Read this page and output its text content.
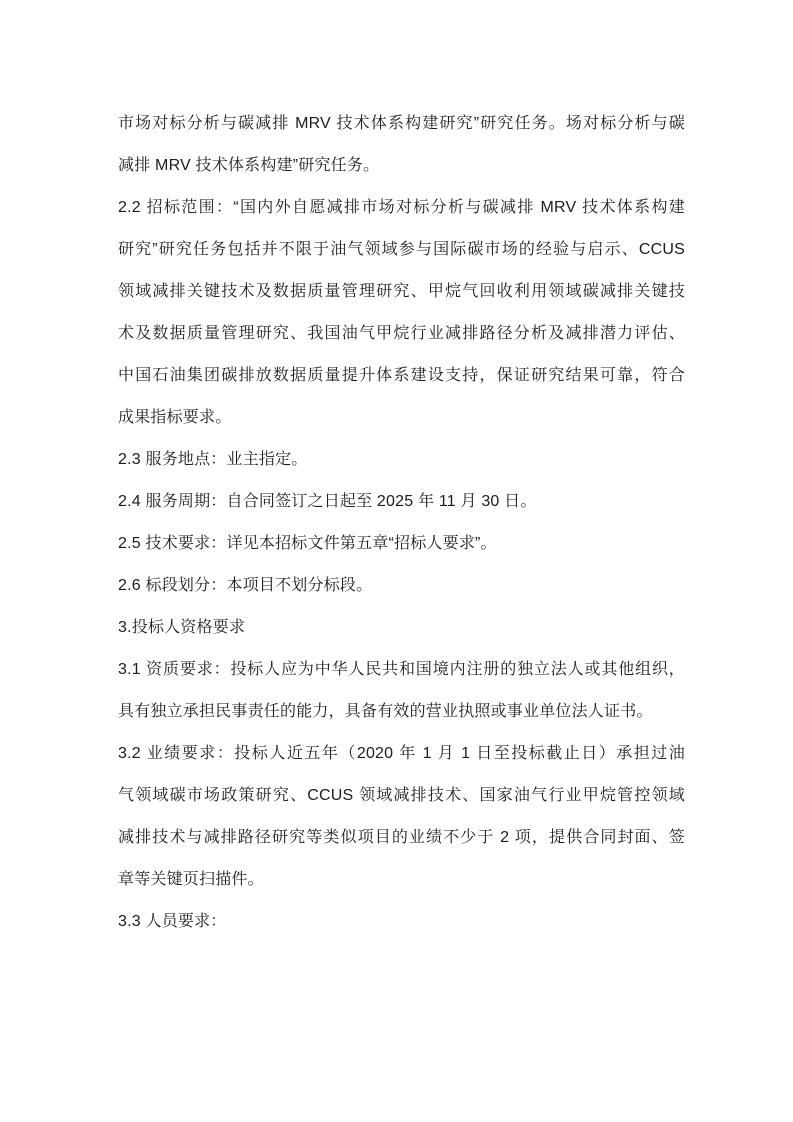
市场对标分析与碳减排 MRV 技术体系构建研究”研究任务。场对标分析与碳
减排 MRV 技术体系构建”研究任务。
2.2 招标范围：“国内外自愿减排市场对标分析与碳减排 MRV 技术体系构建
研究”研究任务包括并不限于油气领域参与国际碳市场的经验与启示、CCUS
领域减排关键技术及数据质量管理研究、甲烷气回收利用领域碳减排关键技
术及数据质量管理研究、我国油气甲烷行业减排路径分析及减排潜力评估、
中国石油集团碳排放数据质量提升体系建设支持，保证研究结果可靠，符合
成果指标要求。
2.3 服务地点：业主指定。
2.4 服务周期：自合同签订之日起至 2025 年 11 月 30 日。
2.5 技术要求：详见本招标文件第五章“招标人要求”。
2.6 标段划分：本项目不划分标段。
3.投标人资格要求
3.1 资质要求：投标人应为中华人民共和国境内注册的独立法人或其他组织，
具有独立承担民事责任的能力，具备有效的营业执照或事业单位法人证书。
3.2 业绩要求：投标人近五年（2020 年 1 月 1 日至投标截止日）承担过油
气领域碳市场政策研究、CCUS 领域减排技术、国家油气行业甲烷管控领域
减排技术与减排路径研究等类似项目的业绩不少于 2 项，提供合同封面、签
章等关键页扫描件。
3.3 人员要求：
